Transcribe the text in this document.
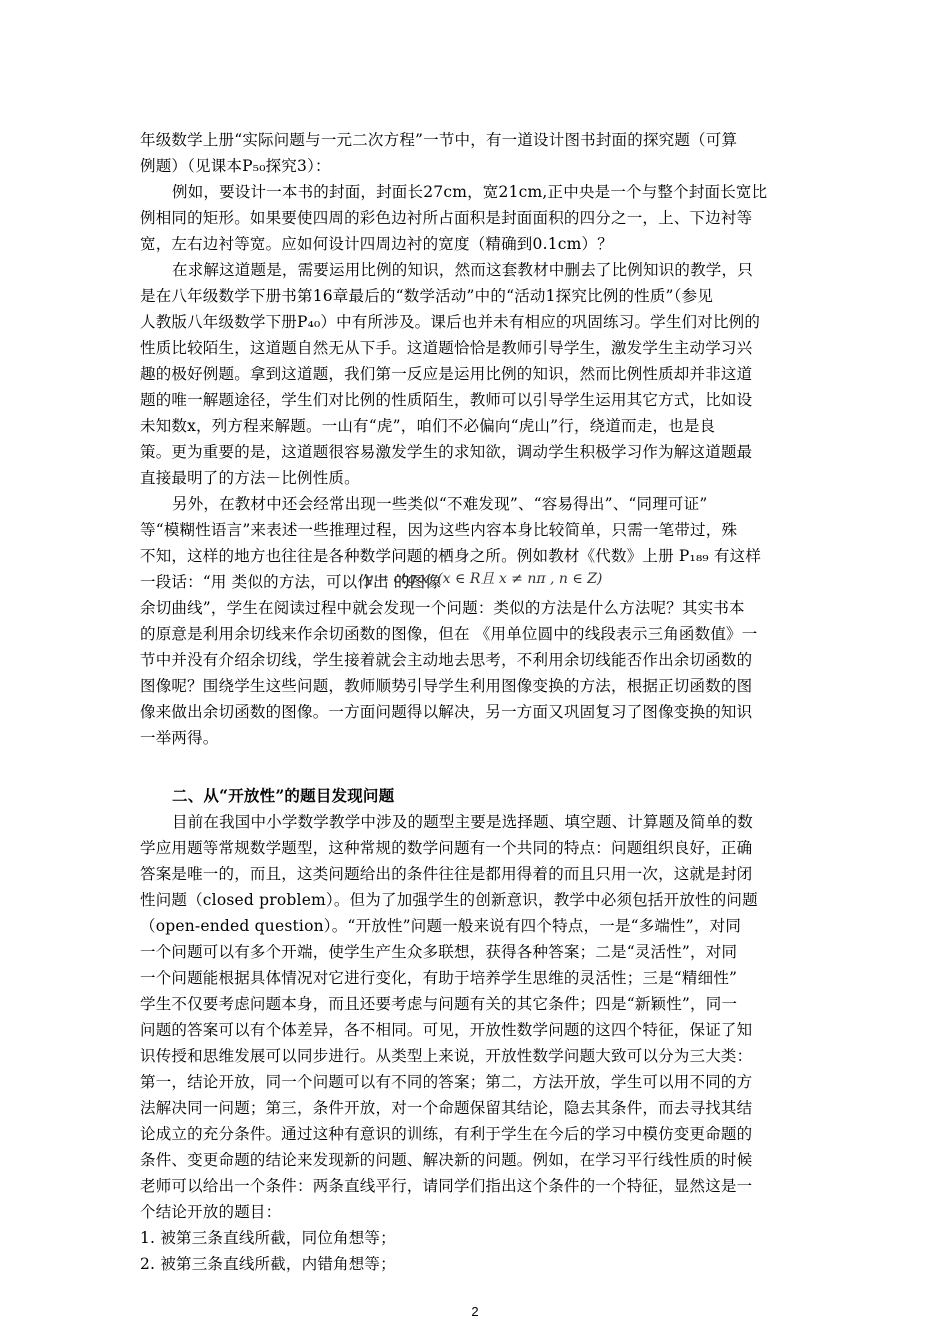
年级数学上册“实际问题与一元二次方程”一节中，有一道设计图书封面的探究题（可算
例题）（见课本P₅₀探究3）：
例如，要设计一本书的封面，封面长27cm，宽21cm,正中央是一个与整个封面长宽比
例相同的矩形。如果要使四周的彩色边衬所占面积是封面面积的四分之一，上、下边衬等
宽，左右边衬等宽。应如何设计四周边衬的宽度（精确到0.1cm）？
在求解这道题是，需要运用比例的知识，然而这套教材中删去了比例知识的教学，只
是在八年级数学下册书第16章最后的“数学活动”中的“活动1探究比例的性质”（参见
人教版八年级数学下册P₄₀）中有所涉及。课后也并未有相应的巩固练习。学生们对比例的
性质比较陌生，这道题自然无从下手。这道题恰恰是教师引导学生，激发学生主动学习兴
趣的极好例题。拿到这道题，我们第一反应是运用比例的知识，然而比例性质却并非这道
题的唯一解题途径，学生们对比例的性质陌生，教师可以引导学生运用其它方式，比如设
未知数x，列方程来解题。一山有“虎”，咱们不必偏向“虎山”行，绕道而走，也是良
策。更为重要的是，这道题很容易激发学生的求知欲，调动学生积极学习作为解这道题最
直接最明了的方法－比例性质。
另外，在教材中还会经常出现一些类似“不难发现”、“容易得出”、“同理可证”
等“模糊性语言”来表述一些推理过程，因为这些内容本身比较简单，只需一笔带过，殊
不知，这样的地方也往往是各种数学问题的栖身之所。例如教材《代数》上册 P₁₈₉ 有这样
一段话：“用 类似的方法，可以作出 的图像
y = ctg x, (x ∈ R且 x ≠ nπ , n ∈ Z)
余切曲线”，学生在阅读过程中就会发现一个问题：类似的方法是什么方法呢？其实书本
的原意是利用余切线来作余切函数的图像，但在 《用单位圆中的线段表示三角函数值》一
节中并没有介绍余切线，学生接着就会主动地去思考，不利用余切线能否作出余切函数的
图像呢？围绕学生这些问题，教师顺势引导学生利用图像变换的方法，根据正切函数的图
像来做出余切函数的图像。一方面问题得以解决，另一方面又巩固复习了图像变换的知识
一举两得。
二、从“开放性”的题目发现问题
目前在我国中小学数学教学中涉及的题型主要是选择题、填空题、计算题及简单的数
学应用题等常规数学题型，这种常规的数学问题有一个共同的特点：问题组织良好，正确
答案是唯一的，而且，这类问题给出的条件往往是都用得着的而且只用一次，这就是封闭
性问题（closed problem）。但为了加强学生的创新意识，教学中必须包括开放性的问题
（open-ended question）。“开放性”问题一般来说有四个特点，一是“多端性”，对同
一个问题可以有多个开端，使学生产生众多联想，获得各种答案；二是“灵活性”，对同
一个问题能根据具体情况对它进行变化，有助于培养学生思维的灵活性；三是“精细性”
学生不仅要考虑问题本身，而且还要考虑与问题有关的其它条件；四是“新颖性”，同一
问题的答案可以有个体差异，各不相同。可见，开放性数学问题的这四个特征，保证了知
识传授和思维发展可以同步进行。从类型上来说，开放性数学问题大致可以分为三大类：
第一，结论开放，同一个问题可以有不同的答案；第二，方法开放，学生可以用不同的方
法解决同一问题；第三，条件开放，对一个命题保留其结论，隐去其条件，而去寻找其结
论成立的充分条件。通过这种有意识的训练，有利于学生在今后的学习中模仿变更命题的
条件、变更命题的结论来发现新的问题、解决新的问题。例如，在学习平行线性质的时候
老师可以给出一个条件：两条直线平行，请同学们指出这个条件的一个特征，显然这是一
个结论开放的题目：
1. 被第三条直线所截，同位角想等；
2. 被第三条直线所截，内错角想等；
2
